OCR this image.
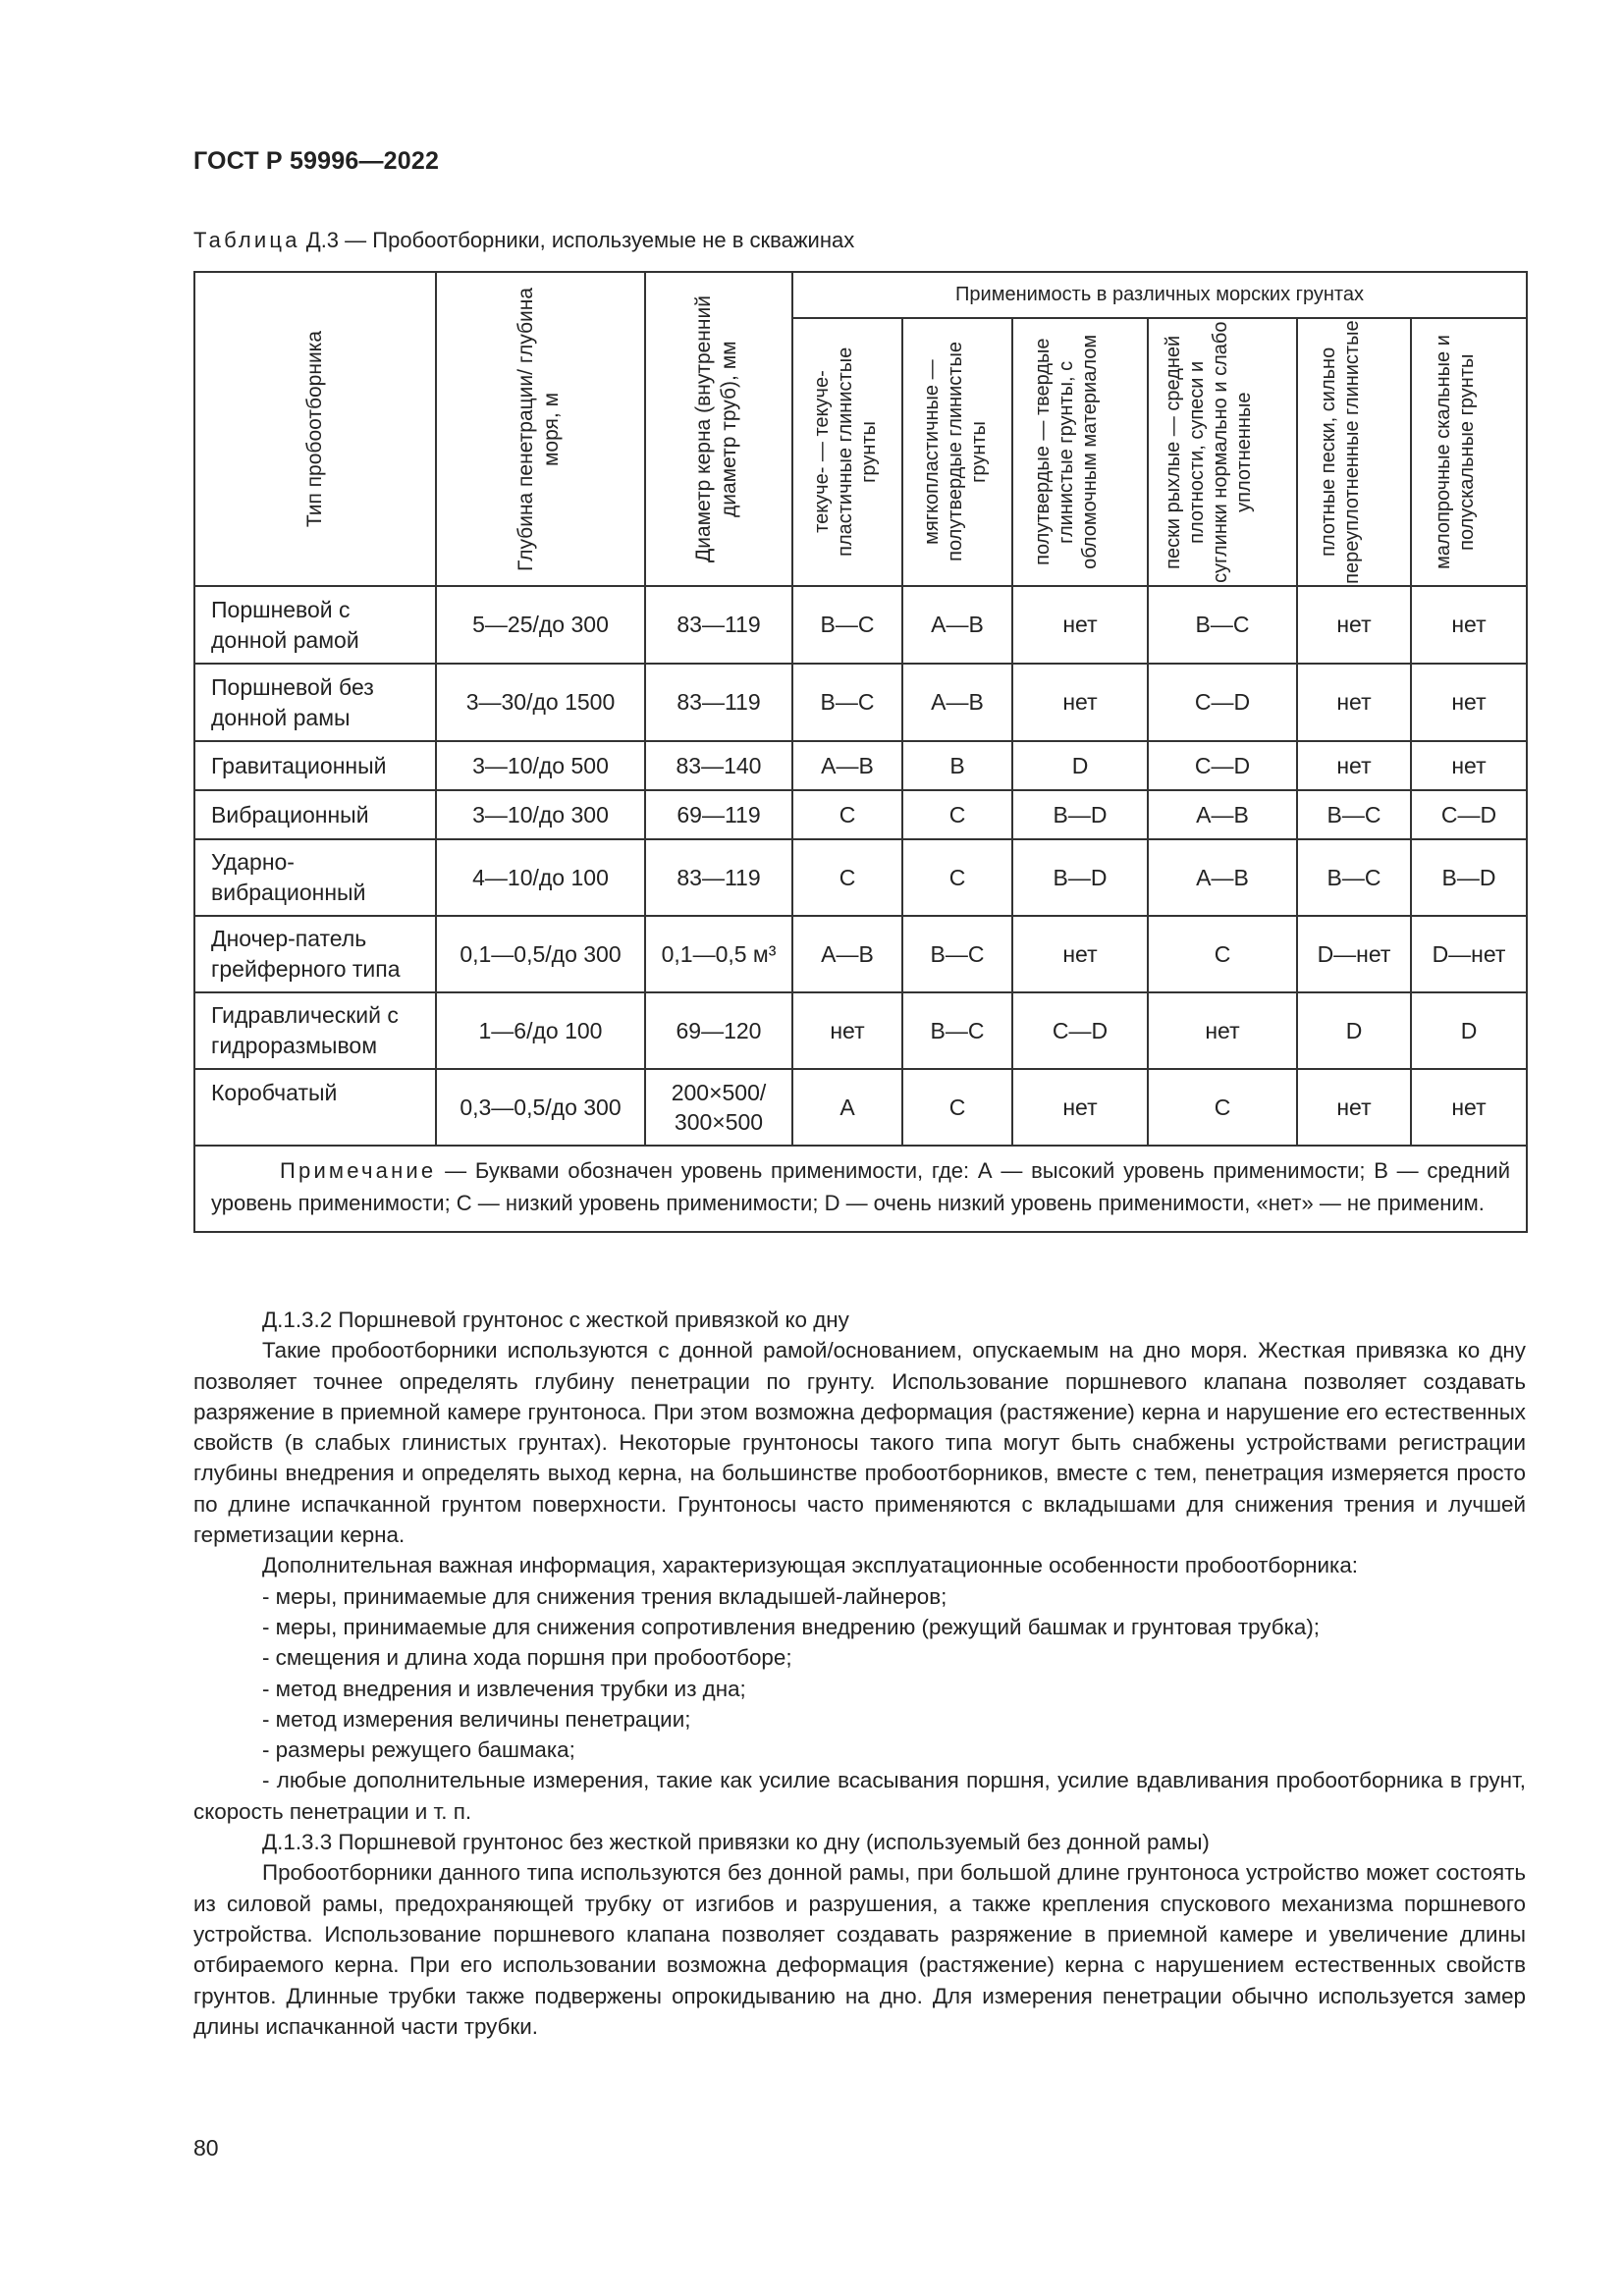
ГОСТ Р 59996—2022
Таблица Д.3 — Пробоотборники, используемые не в скважинах
Тип пробоотборника	Глубина пенетрации/ глубина моря, м	Диаметр керна (внутренний диаметр труб), мм	Применимость в различных морских грунтах					

			текуче- — текуче-пластичные глинистые грунты	мягкопластичные — полутвердые глинистые грунты	полутвердые — твердые глинистые грунты, с обломочным материалом	пески рыхлые — средней плотности, супеси и суглинки нормально и слабо уплотненные	плотные пески, сильно переуплотненные глинистые	малопрочные скальные и полускальные грунты

Поршневой с донной рамой	5—25/до 300	83—119	В—С	А—В	нет	В—С	нет	нет
Поршневой без донной рамы	3—30/до 1500	83—119	В—С	А—В	нет	С—D	нет	нет
Гравитационный	3—10/до 500	83—140	А—В	В	D	С—D	нет	нет
Вибрационный	3—10/до 300	69—119	С	С	В—D	А—В	В—С	С—D
Ударно-вибрационный	4—10/до 100	83—119	С	С	В—D	А—В	В—С	В—D
Дночер-патель грейферного типа	0,1—0,5/до 300	0,1—0,5 м³	А—В	В—С	нет	С	D—нет	D—нет
Гидравлический с гидроразмывом	1—6/до 100	69—120	нет	В—С	С—D	нет	D	D
Коробчатый	0,3—0,5/до 300	200×500/ 300×500	А	С	нет	С	нет	нет
Примечание — Буквами обозначен уровень применимости, где: А — высокий уровень применимости; В — средний уровень применимости; С — низкий уровень применимости; D — очень низкий уровень применимости, «нет» — не применим.								

Д.1.3.2 Поршневой грунтонос с жесткой привязкой ко дну

Такие пробоотборники используются с донной рамой/основанием, опускаемым на дно моря. Жесткая привязка ко дну позволяет точнее определять глубину пенетрации по грунту. Использование поршневого клапана позволяет создавать разряжение в приемной камере грунтоноса. При этом возможна деформация (растяжение) керна и нарушение его естественных свойств (в слабых глинистых грунтах). Некоторые грунтоносы такого типа могут быть снабжены устройствами регистрации глубины внедрения и определять выход керна, на большинстве пробоотборников, вместе с тем, пенетрация измеряется просто по длине испачканной грунтом поверхности. Грунтоносы часто применяются с вкладышами для снижения трения и лучшей герметизации керна.

Дополнительная важная информация, характеризующая эксплуатационные особенности пробоотборника:

- меры, принимаемые для снижения трения вкладышей-лайнеров;

- меры, принимаемые для снижения сопротивления внедрению (режущий башмак и грунтовая трубка);

- смещения и длина хода поршня при пробоотборе;

- метод внедрения и извлечения трубки из дна;

- метод измерения величины пенетрации;

- размеры режущего башмака;

- любые дополнительные измерения, такие как усилие всасывания поршня, усилие вдавливания пробоотборника в грунт, скорость пенетрации и т. п.

Д.1.3.3 Поршневой грунтонос без жесткой привязки ко дну (используемый без донной рамы)

Пробоотборники данного типа используются без донной рамы, при большой длине грунтоноса устройство может состоять из силовой рамы, предохраняющей трубку от изгибов и разрушения, а также крепления спускового механизма поршневого устройства. Использование поршневого клапана позволяет создавать разряжение в приемной камере и увеличение длины отбираемого керна. При его использовании возможна деформация (растяжение) керна с нарушением естественных свойств грунтов. Длинные трубки также подвержены опрокидыванию на дно. Для измерения пенетрации обычно используется замер длины испачканной части трубки.

80
